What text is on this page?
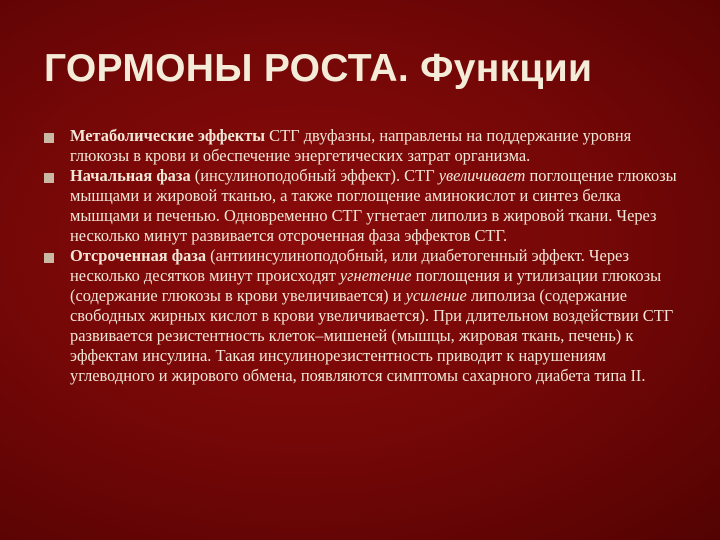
ГОРМОНЫ РОСТА. Функции
Метаболические эффекты СТГ двуфазны, направлены на поддержание уровня глюкозы в крови и обеспечение энергетических затрат организма.
Начальная фаза (инсулиноподобный эффект). СТГ увеличивает поглощение глюкозы мышцами и жировой тканью, а также поглощение аминокислот и синтез белка мышцами и печенью. Одновременно СТГ угнетает липолиз в жировой ткани. Через несколько минут развивается отсроченная фаза эффектов СТГ.
Отсроченная фаза (антиинсулиноподобный, или диабетогенный эффект. Через несколько десятков минут происходят угнетение поглощения и утилизации глюкозы (содержание глюкозы в крови увеличивается) и усиление липолиза (содержание свободных жирных кислот в крови увеличивается). При длительном воздействии СТГ развивается резистентность клеток–мишеней (мышцы, жировая ткань, печень) к эффектам инсулина. Такая инсулинорезистентность приводит к нарушениям углеводного и жирового обмена, появляются симптомы сахарного диабета типа II.
